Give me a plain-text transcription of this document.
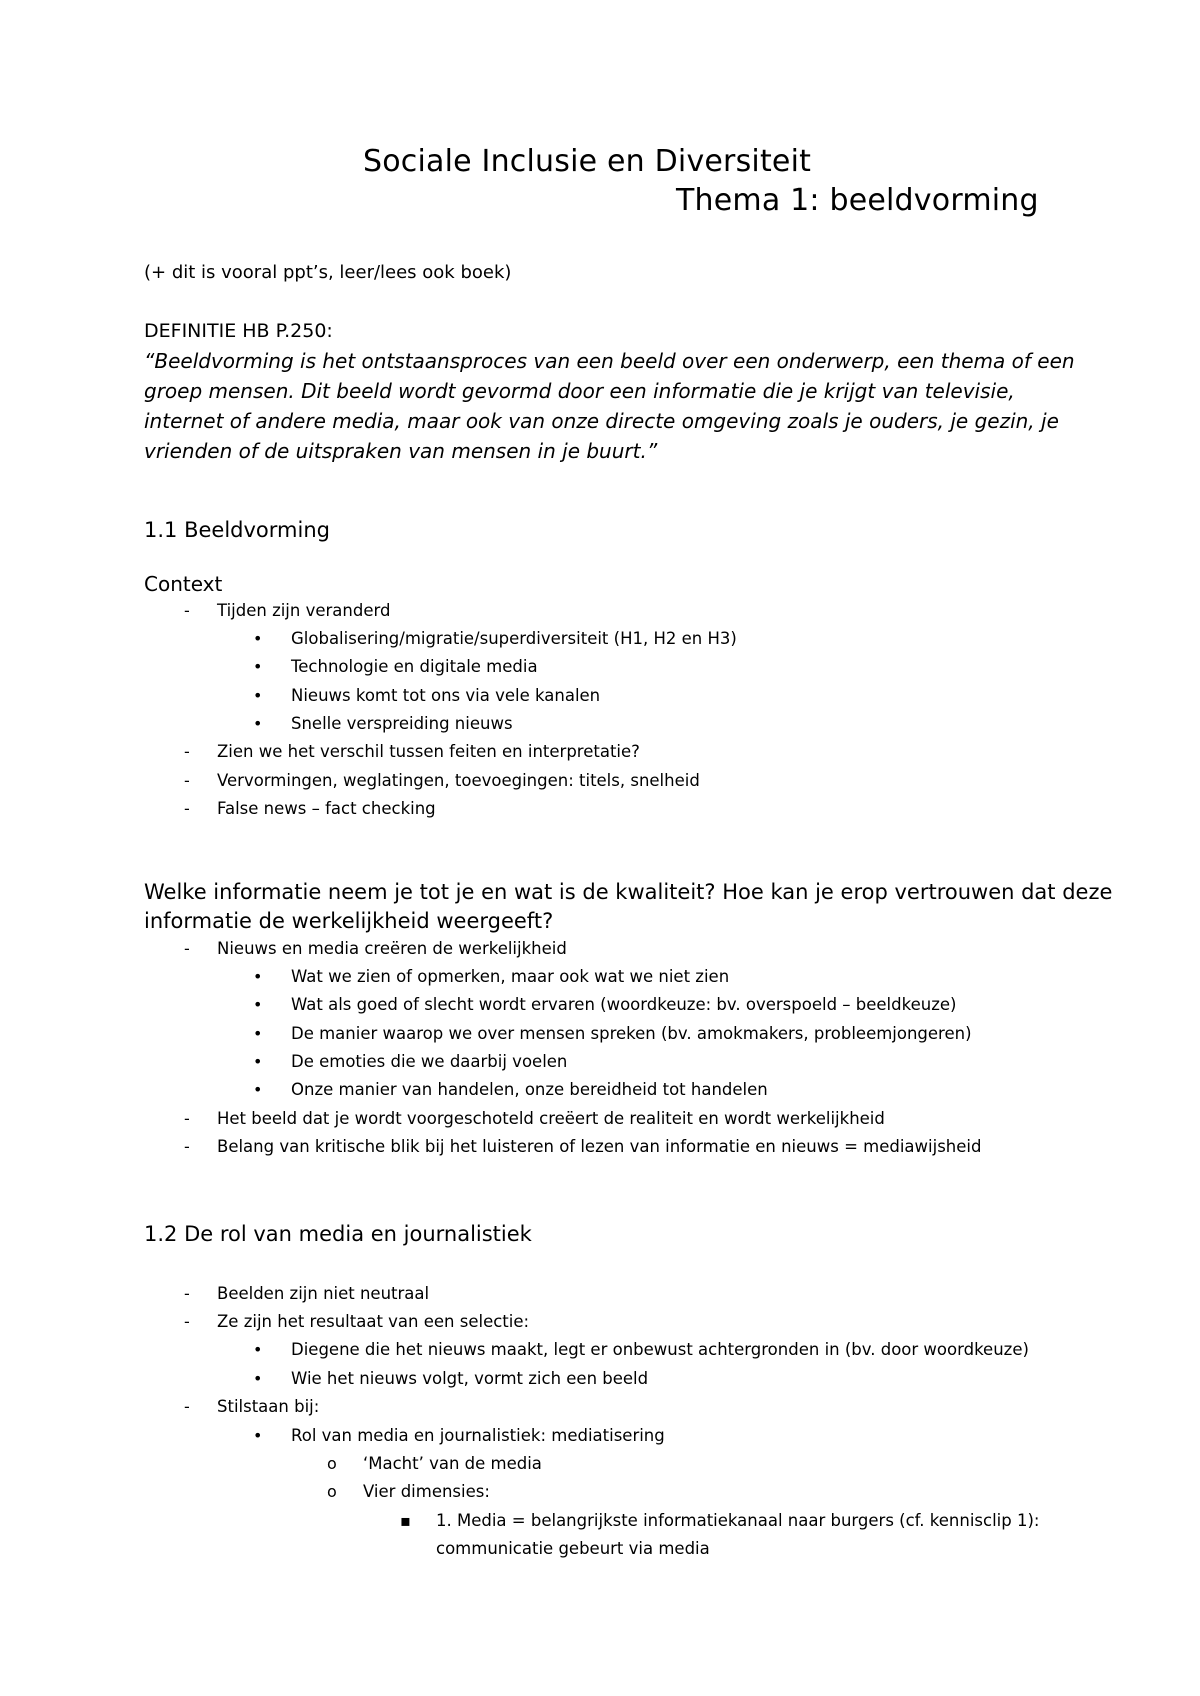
Sociale Inclusie en Diversiteit
Thema 1: beeldvorming
(+ dit is vooral ppt’s, leer/lees ook boek)
DEFINITIE HB P.250:
“Beeldvorming is het ontstaansproces van een beeld over een onderwerp, een thema of een
groep mensen. Dit beeld wordt gevormd door een informatie die je krijgt van televisie,
internet of andere media, maar ook van onze directe omgeving zoals je ouders, je gezin, je
vrienden of de uitspraken van mensen in je buurt.”
1.1 Beeldvorming
Context
- Tijden zijn veranderd
• Globalisering/migratie/superdiversiteit (H1, H2 en H3)
• Technologie en digitale media
• Nieuws komt tot ons via vele kanalen
• Snelle verspreiding nieuws
- Zien we het verschil tussen feiten en interpretatie?
- Vervormingen, weglatingen, toevoegingen: titels, snelheid
- False news – fact checking
Welke informatie neem je tot je en wat is de kwaliteit? Hoe kan je erop vertrouwen dat deze
informatie de werkelijkheid weergeeft?
- Nieuws en media creëren de werkelijkheid
• Wat we zien of opmerken, maar ook wat we niet zien
• Wat als goed of slecht wordt ervaren (woordkeuze: bv. overspoeld – beeldkeuze)
• De manier waarop we over mensen spreken (bv. amokmakers, probleemjongeren)
• De emoties die we daarbij voelen
• Onze manier van handelen, onze bereidheid tot handelen
- Het beeld dat je wordt voorgeschoteld creëert de realiteit en wordt werkelijkheid
- Belang van kritische blik bij het luisteren of lezen van informatie en nieuws = mediawijsheid
1.2 De rol van media en journalistiek
- Beelden zijn niet neutraal
- Ze zijn het resultaat van een selectie:
• Diegene die het nieuws maakt, legt er onbewust achtergronden in (bv. door woordkeuze)
• Wie het nieuws volgt, vormt zich een beeld
- Stilstaan bij:
• Rol van media en journalistiek: mediatisering
o ‘Macht’ van de media
o Vier dimensies:
▪ 1. Media = belangrijkste informatiekanaal naar burgers (cf. kennisclip 1):
communicatie gebeurt via media
